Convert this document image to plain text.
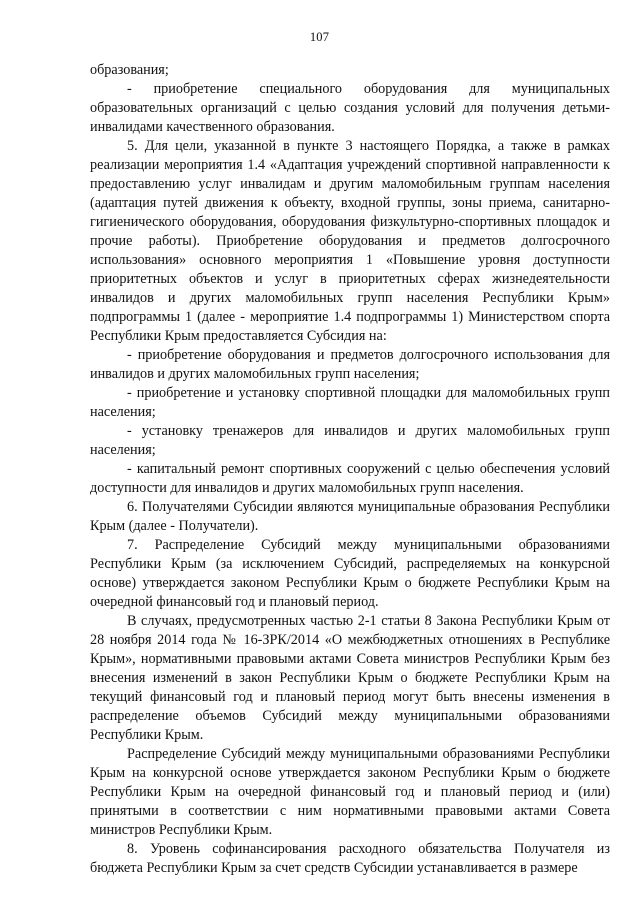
107

образования;

- приобретение специального оборудования для муниципальных образовательных организаций с целью создания условий для получения детьми-инвалидами качественного образования.

5. Для цели, указанной в пункте 3 настоящего Порядка, а также в рамках реализации мероприятия 1.4 «Адаптация учреждений спортивной направленности к предоставлению услуг инвалидам и другим маломобильным группам населения (адаптация путей движения к объекту, входной группы, зоны приема, санитарно-гигиенического оборудования, оборудования физкультурно-спортивных площадок и прочие работы). Приобретение оборудования и предметов долгосрочного использования» основного мероприятия 1 «Повышение уровня доступности приоритетных объектов и услуг в приоритетных сферах жизнедеятельности инвалидов и других маломобильных групп населения Республики Крым» подпрограммы 1 (далее - мероприятие 1.4 подпрограммы 1) Министерством спорта Республики Крым предоставляется Субсидия на:

- приобретение оборудования и предметов долгосрочного использования для инвалидов и других маломобильных групп населения;

- приобретение и установку спортивной площадки для маломобильных групп населения;

- установку тренажеров для инвалидов и других маломобильных групп населения;

- капитальный ремонт спортивных сооружений с целью обеспечения условий доступности для инвалидов и других маломобильных групп населения.

6. Получателями Субсидии являются муниципальные образования Республики Крым (далее - Получатели).

7. Распределение Субсидий между муниципальными образованиями Республики Крым (за исключением Субсидий, распределяемых на конкурсной основе) утверждается законом Республики Крым о бюджете Республики Крым на очередной финансовый год и плановый период.

В случаях, предусмотренных частью 2-1 статьи 8 Закона Республики Крым от 28 ноября 2014 года № 16-ЗРК/2014 «О межбюджетных отношениях в Республике Крым», нормативными правовыми актами Совета министров Республики Крым без внесения изменений в закон Республики Крым о бюджете Республики Крым на текущий финансовый год и плановый период могут быть внесены изменения в распределение объемов Субсидий между муниципальными образованиями Республики Крым.

Распределение Субсидий между муниципальными образованиями Республики Крым на конкурсной основе утверждается законом Республики Крым о бюджете Республики Крым на очередной финансовый год и плановый период и (или) принятыми в соответствии с ним нормативными правовыми актами Совета министров Республики Крым.

8. Уровень софинансирования расходного обязательства Получателя из бюджета Республики Крым за счет средств Субсидии устанавливается в размере
